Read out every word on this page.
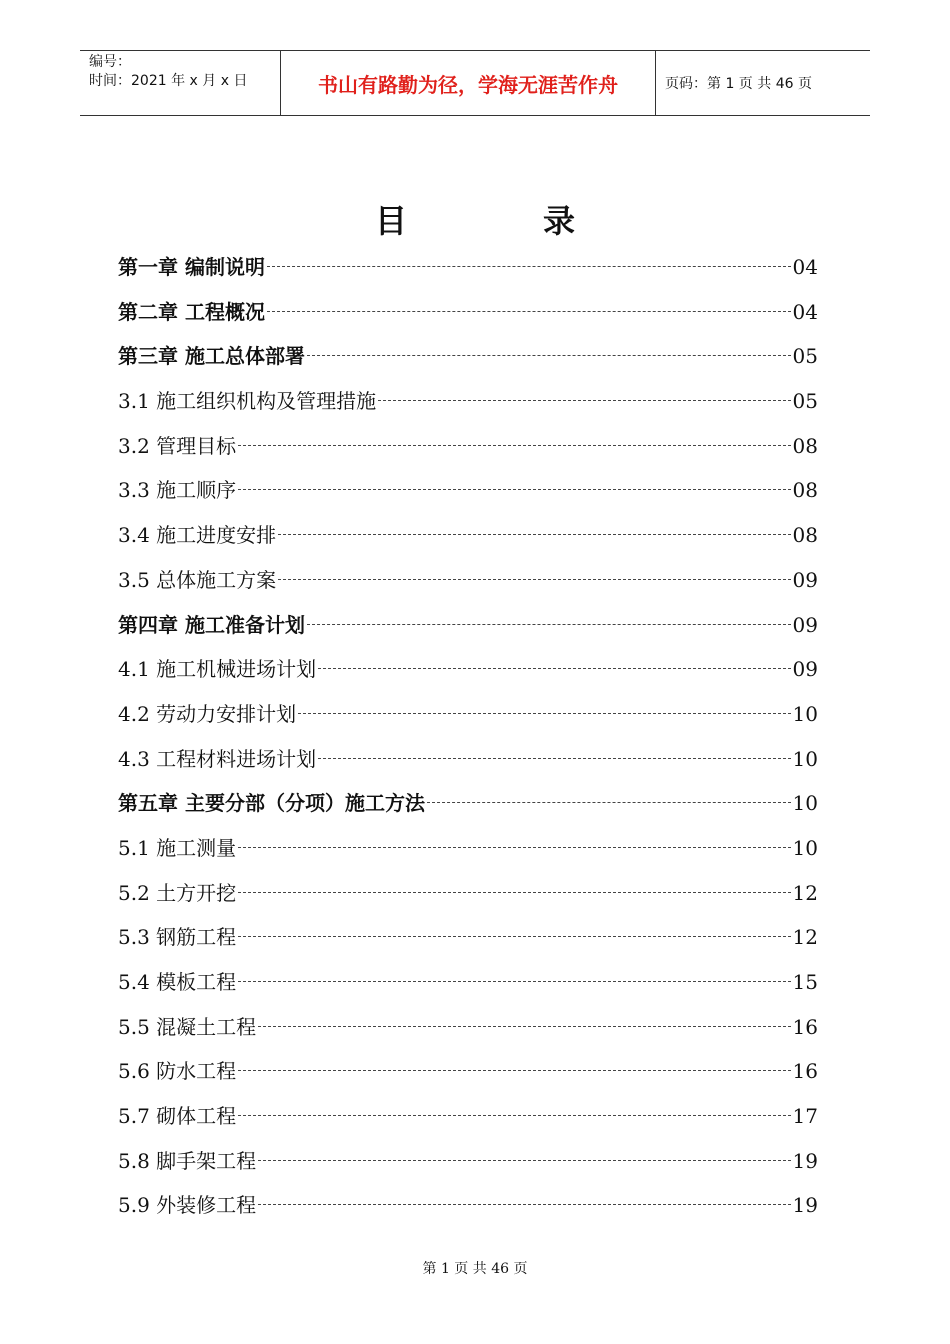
编号：
时间：2021 年 x 月 x 日	书山有路勤为径，学海无涯苦作舟	页码：第 1 页 共 46 页
目录
第一章 编制说明	04
第二章 工程概况	04
第三章 施工总体部署	05
3.1 施工组织机构及管理措施	05
3.2 管理目标	08
3.3 施工顺序	08
3.4 施工进度安排	08
3.5 总体施工方案	09
第四章 施工准备计划	09
4.1 施工机械进场计划	09
4.2 劳动力安排计划	10
4.3 工程材料进场计划	10
第五章 主要分部（分项）施工方法	10
5.1 施工测量	10
5.2 土方开挖	12
5.3 钢筋工程	12
5.4 模板工程	15
5.5 混凝土工程	16
5.6 防水工程	16
5.7 砌体工程	17
5.8 脚手架工程	19
5.9 外装修工程	19
第 1 页 共 46 页
